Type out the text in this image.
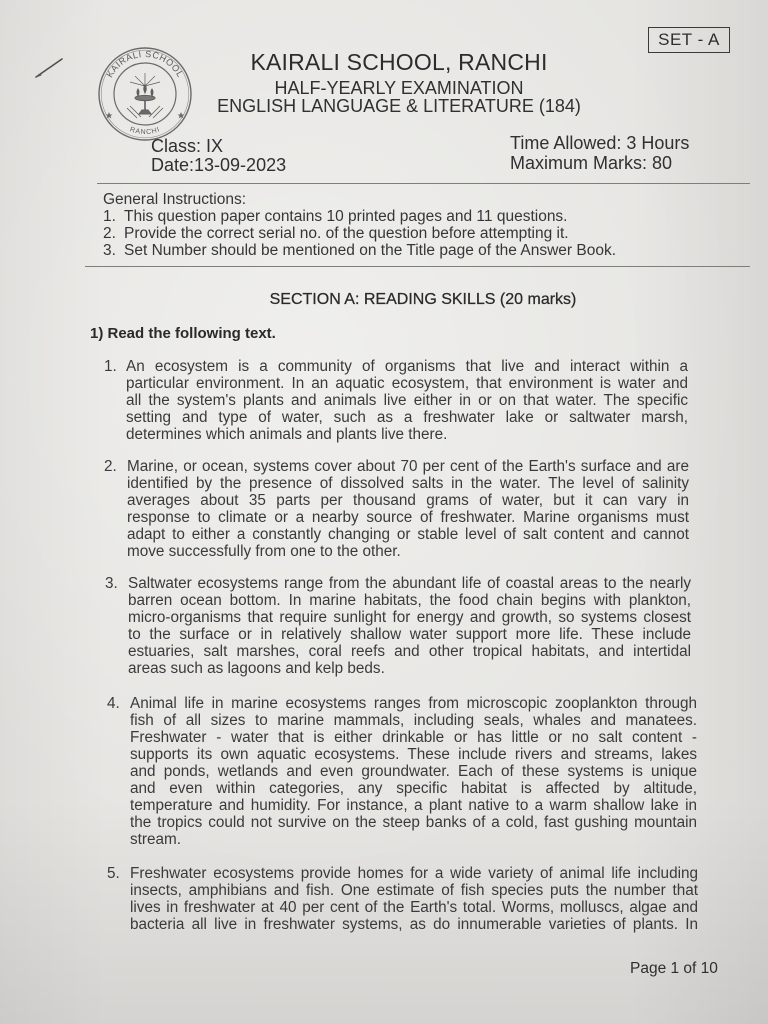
SET - A
KAIRALI SCHOOL
RANCHI
KAIRALI SCHOOL, RANCHI
HALF-YEARLY EXAMINATION
ENGLISH LANGUAGE & LITERATURE (184)
Class: IX
Date:13-09-2023
Time Allowed: 3 Hours
Maximum Marks: 80
General Instructions:
1. This question paper contains 10 printed pages and 11 questions.
2. Provide the correct serial no. of the question before attempting it.
3. Set Number should be mentioned on the Title page of the Answer Book.
SECTION A: READING SKILLS (20 marks)
1) Read the following text.
1. An ecosystem is a community of organisms that live and interact within a
particular environment. In an aquatic ecosystem, that environment is water and
all the system's plants and animals live either in or on that water. The specific
setting and type of water, such as a freshwater lake or saltwater marsh,
determines which animals and plants live there.
2. Marine, or ocean, systems cover about 70 per cent of the Earth's surface and are
identified by the presence of dissolved salts in the water. The level of salinity
averages about 35 parts per thousand grams of water, but it can vary in
response to climate or a nearby source of freshwater. Marine organisms must
adapt to either a constantly changing or stable level of salt content and cannot
move successfully from one to the other.
3. Saltwater ecosystems range from the abundant life of coastal areas to the nearly
barren ocean bottom. In marine habitats, the food chain begins with plankton,
micro-organisms that require sunlight for energy and growth, so systems closest
to the surface or in relatively shallow water support more life. These include
estuaries, salt marshes, coral reefs and other tropical habitats, and intertidal
areas such as lagoons and kelp beds.
4. Animal life in marine ecosystems ranges from microscopic zooplankton through
fish of all sizes to marine mammals, including seals, whales and manatees.
Freshwater - water that is either drinkable or has little or no salt content -
supports its own aquatic ecosystems. These include rivers and streams, lakes
and ponds, wetlands and even groundwater. Each of these systems is unique
and even within categories, any specific habitat is affected by altitude,
temperature and humidity. For instance, a plant native to a warm shallow lake in
the tropics could not survive on the steep banks of a cold, fast gushing mountain
stream.
5. Freshwater ecosystems provide homes for a wide variety of animal life including
insects, amphibians and fish. One estimate of fish species puts the number that
lives in freshwater at 40 per cent of the Earth's total. Worms, molluscs, algae and
bacteria all live in freshwater systems, as do innumerable varieties of plants. In
Page 1 of 10
